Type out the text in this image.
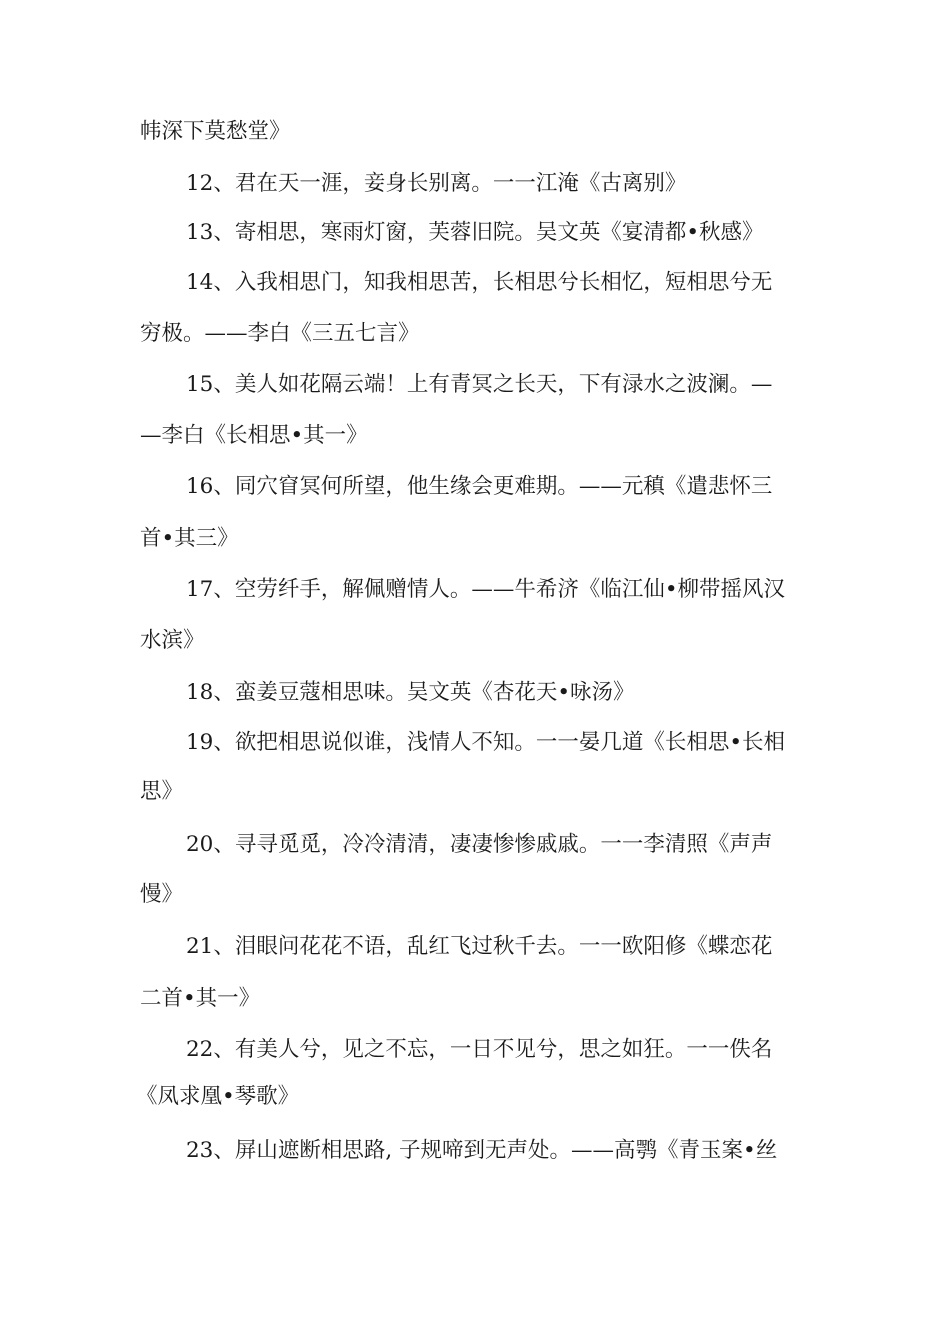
帏深下莫愁堂》
12、君在天一涯，妾身长别离。一一江淹《古离别》
13、寄相思，寒雨灯窗，芙蓉旧院。吴文英《宴清都•秋感》
14、入我相思门，知我相思苦，长相思兮长相忆，短相思兮无
穷极。——李白《三五七言》
15、美人如花隔云端！上有青冥之长天，下有渌水之波澜。—
—李白《长相思•其一》
16、同穴窅冥何所望，他生缘会更难期。——元稹《遣悲怀三
首•其三》
17、空劳纤手，解佩赠情人。——牛希济《临江仙•柳带摇风汉
水滨》
18、蛮姜豆蔻相思味。吴文英《杏花天•咏汤》
19、欲把相思说似谁，浅情人不知。一一晏几道《长相思•长相
思》
20、寻寻觅觅，冷冷清清，凄凄惨惨戚戚。一一李清照《声声
慢》
21、泪眼问花花不语，乱红飞过秋千去。一一欧阳修《蝶恋花
二首•其一》
22、有美人兮，见之不忘，一日不见兮，思之如狂。一一佚名
《凤求凰•琴歌》
23、屏山遮断相思路, 子规啼到无声处。——高鹗《青玉案•丝
